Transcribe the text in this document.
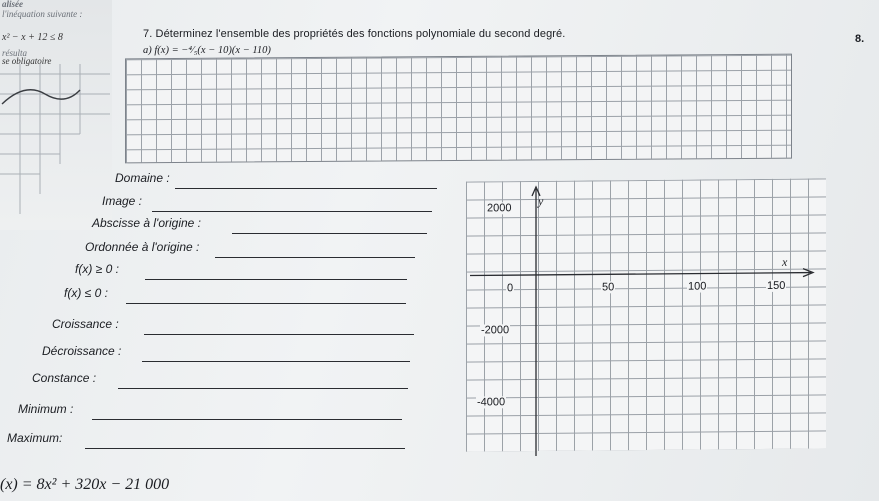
alisée
l'inéquation suivante :
x² − x + 12 ≤ 8
résulta
se obligatoire
8.
7. Déterminez l'ensemble des propriétés des fonctions polynomiale du second degré.
a) f(x) = −⁴⁄₅(x − 10)(x − 110)
Domaine :
Image :
Abscisse à l'origine :
Ordonnée à l'origine :
f(x) ≥ 0 :
f(x) ≤ 0 :
Croissance :
Décroissance :
Constance :
Minimum :
Maximum:
y
x
0	50	100	150
2000
-2000
-4000
(x) = 8x² + 320x − 21 000
